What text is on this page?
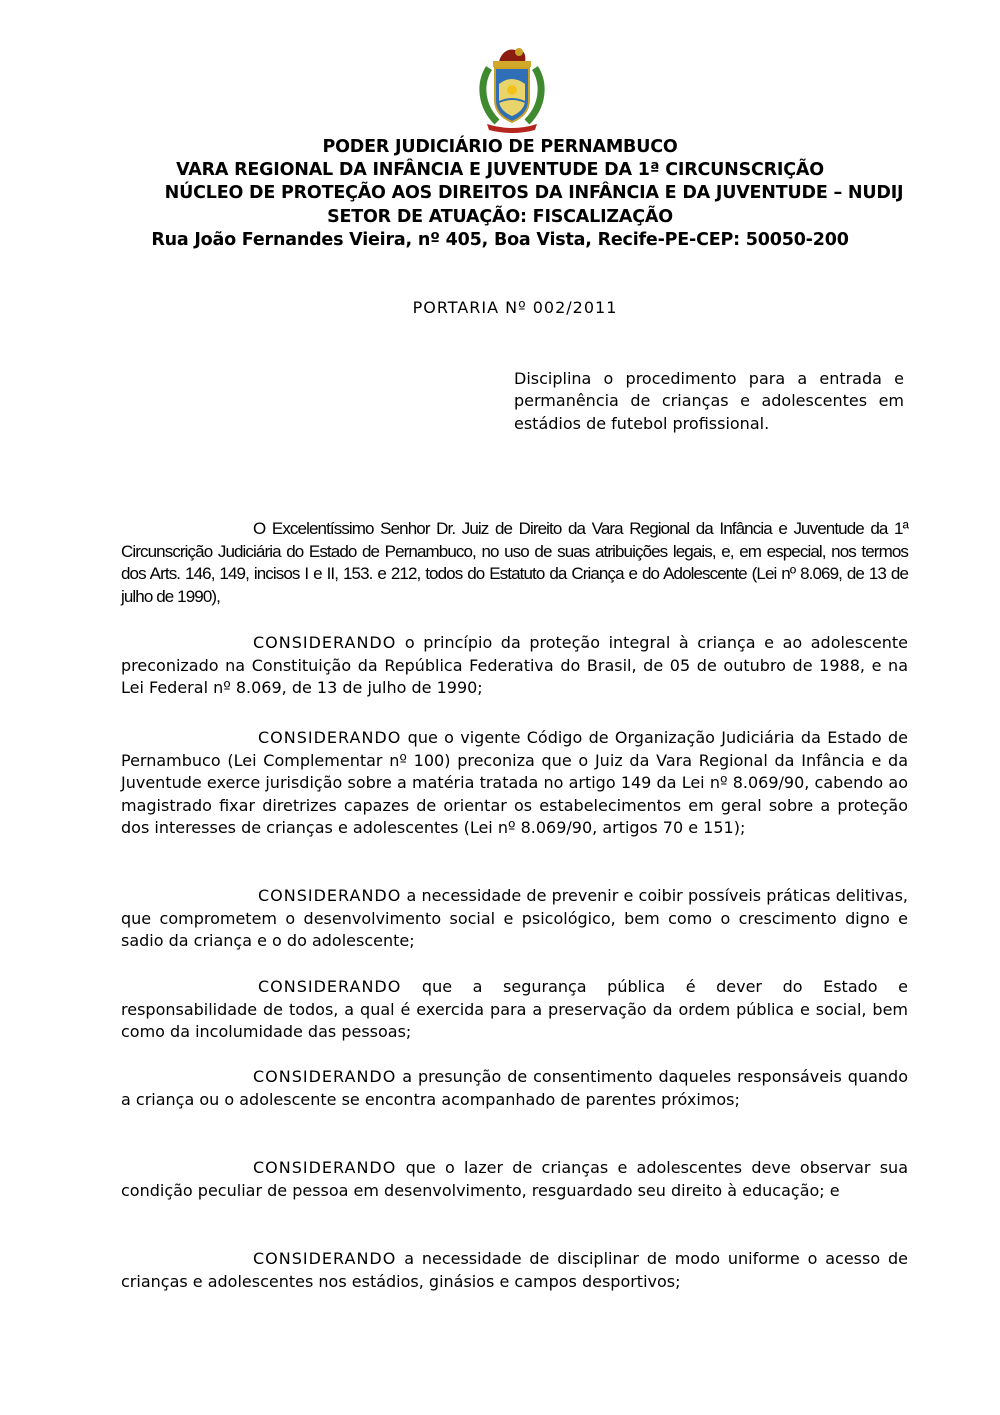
PODER JUDICIÁRIO DE PERNAMBUCO
VARA REGIONAL DA INFÂNCIA E JUVENTUDE DA 1ª CIRCUNSCRIÇÃO
NÚCLEO DE PROTEÇÃO AOS DIREITOS DA INFÂNCIA E DA JUVENTUDE – NUDIJ
SETOR DE ATUAÇÃO: FISCALIZAÇÃO
Rua João Fernandes Vieira, nº 405, Boa Vista, Recife-PE-CEP: 50050-200
PORTARIA Nº 002/2011
Disciplina o procedimento para a entrada e permanência de crianças e adolescentes em estádios de futebol profissional.
O Excelentíssimo Senhor Dr. Juiz de Direito da Vara Regional da Infância e Juventude da 1ª Circunscrição Judiciária do Estado de Pernambuco, no uso de suas atribuições legais, e, em especial, nos termos dos Arts. 146, 149, incisos I e II, 153. e 212, todos do Estatuto da Criança e do Adolescente (Lei nº 8.069, de 13 de julho de 1990),
CONSIDERANDO o princípio da proteção integral à criança e ao adolescente preconizado na Constituição da República Federativa do Brasil, de 05 de outubro de 1988, e na Lei Federal nº 8.069, de 13 de julho de 1990;
CONSIDERANDO que o vigente Código de Organização Judiciária da Estado de Pernambuco (Lei Complementar nº 100) preconiza que o Juiz da Vara Regional da Infância e da Juventude exerce jurisdição sobre a matéria tratada no artigo 149 da Lei nº 8.069/90, cabendo ao magistrado fixar diretrizes capazes de orientar os estabelecimentos em geral sobre a proteção dos interesses de crianças e adolescentes (Lei nº 8.069/90, artigos 70 e 151);
CONSIDERANDO a necessidade de prevenir e coibir possíveis práticas delitivas, que comprometem o desenvolvimento social e psicológico, bem como o crescimento digno e sadio da criança e o do adolescente;
CONSIDERANDO que a segurança pública é dever do Estado e responsabilidade de todos, a qual é exercida para a preservação da ordem pública e social, bem como da incolumidade das pessoas;
CONSIDERANDO a presunção de consentimento daqueles responsáveis quando a criança ou o adolescente se encontra acompanhado de parentes próximos;
CONSIDERANDO que o lazer de crianças e adolescentes deve observar sua condição peculiar de pessoa em desenvolvimento, resguardado seu direito à educação; e
CONSIDERANDO a necessidade de disciplinar de modo uniforme o acesso de crianças e adolescentes nos estádios, ginásios e campos desportivos;
